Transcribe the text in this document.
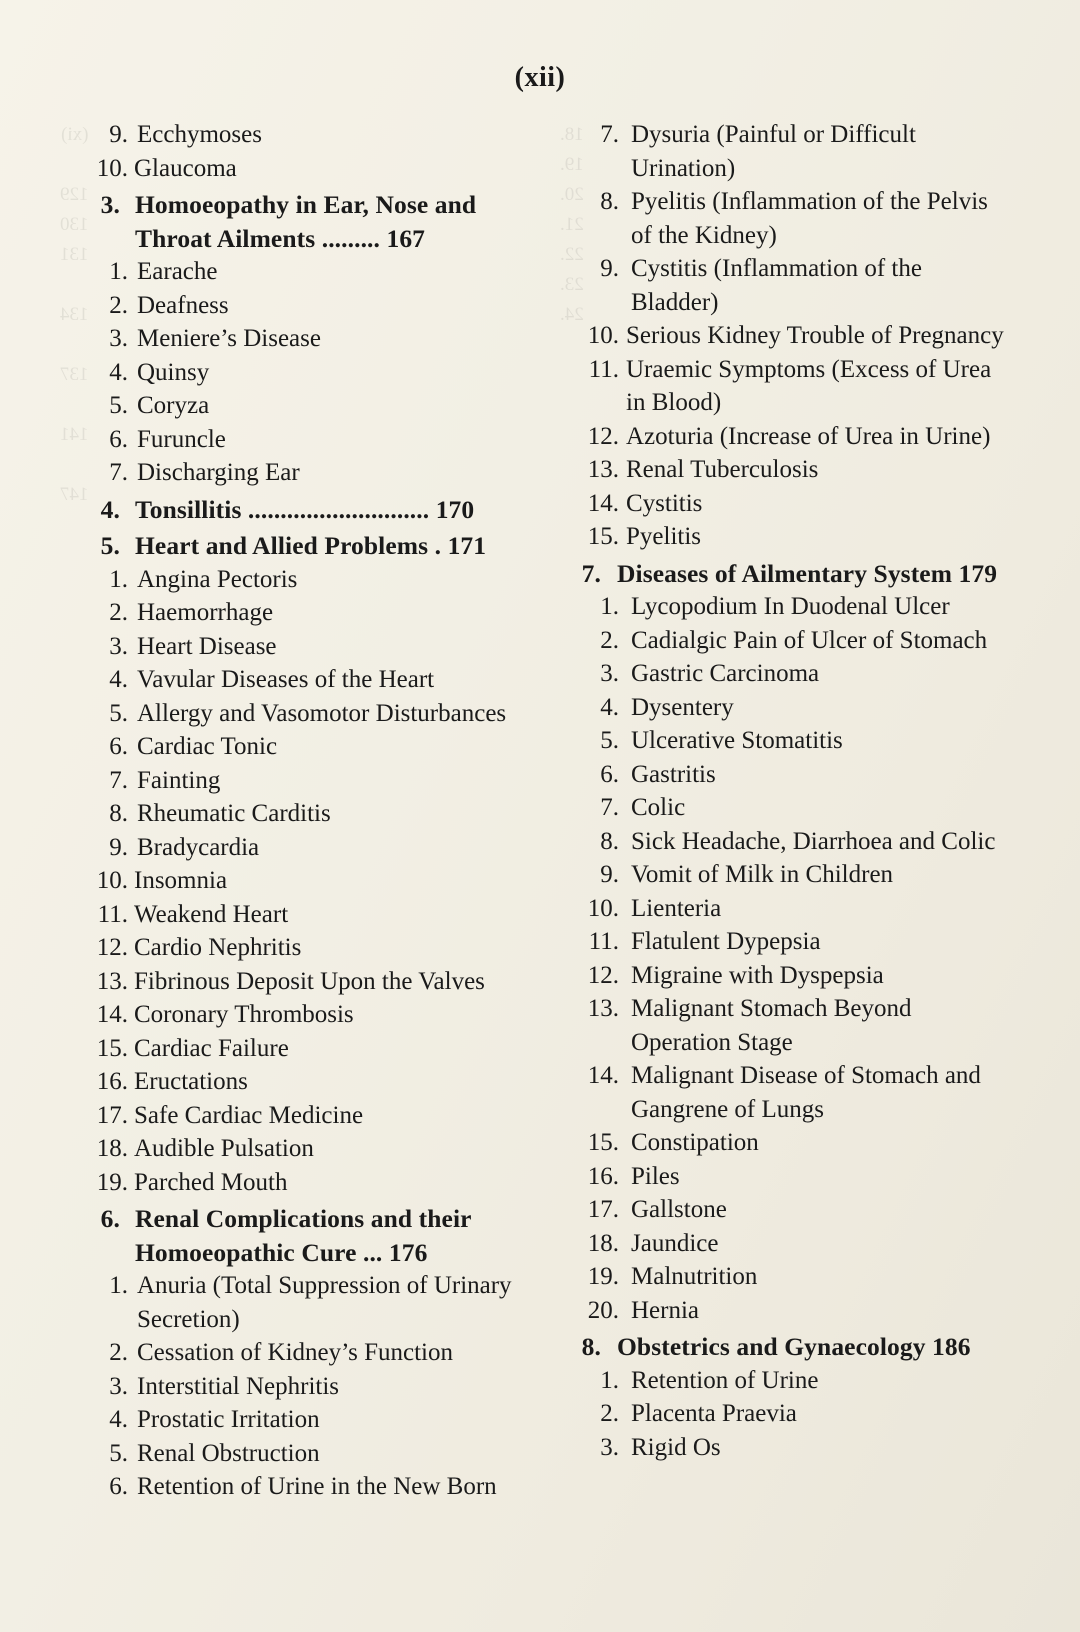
(xii)
9. Ecchymoses
10. Glaucoma
3. Homoeopathy in Ear, Nose and Throat Ailments ......... 167
1. Earache
2. Deafness
3. Meniere’s Disease
4. Quinsy
5. Coryza
6. Furuncle
7. Discharging Ear
4. Tonsillitis ............................ 170
5. Heart and Allied Problems . 171
1. Angina Pectoris
2. Haemorrhage
3. Heart Disease
4. Vavular Diseases of the Heart
5. Allergy and Vasomotor Disturbances
6. Cardiac Tonic
7. Fainting
8. Rheumatic Carditis
9. Bradycardia
10. Insomnia
11. Weakend Heart
12. Cardio Nephritis
13. Fibrinous Deposit Upon the Valves
14. Coronary Thrombosis
15. Cardiac Failure
16. Eructations
17. Safe Cardiac Medicine
18. Audible Pulsation
19. Parched Mouth
6. Renal Complications and their Homoeopathic Cure ... 176
1. Anuria (Total Suppression of Urinary Secretion)
2. Cessation of Kidney’s Function
3. Interstitial Nephritis
4. Prostatic Irritation
5. Renal Obstruction
6. Retention of Urine in the New Born
7. Dysuria (Painful or Difficult Urination)
8. Pyelitis (Inflammation of the Pelvis of the Kidney)
9. Cystitis (Inflammation of the Bladder)
10. Serious Kidney Trouble of Pregnancy
11. Uraemic Symptoms (Excess of Urea in Blood)
12. Azoturia (Increase of Urea in Urine)
13. Renal Tuberculosis
14. Cystitis
15. Pyelitis
7. Diseases of Ailmentary System 179
1. Lycopodium In Duodenal Ulcer
2. Cadialgic Pain of Ulcer of Stomach
3. Gastric Carcinoma
4. Dysentery
5. Ulcerative Stomatitis
6. Gastritis
7. Colic
8. Sick Headache, Diarrhoea and Colic
9. Vomit of Milk in Children
10. Lienteria
11. Flatulent Dypepsia
12. Migraine with Dyspepsia
13. Malignant Stomach Beyond Operation Stage
14. Malignant Disease of Stomach and Gangrene of Lungs
15. Constipation
16. Piles
17. Gallstone
18. Jaundice
19. Malnutrition
20. Hernia
8. Obstetrics and Gynaecology 186
1. Retention of Urine
2. Placenta Praevia
3. Rigid Os
